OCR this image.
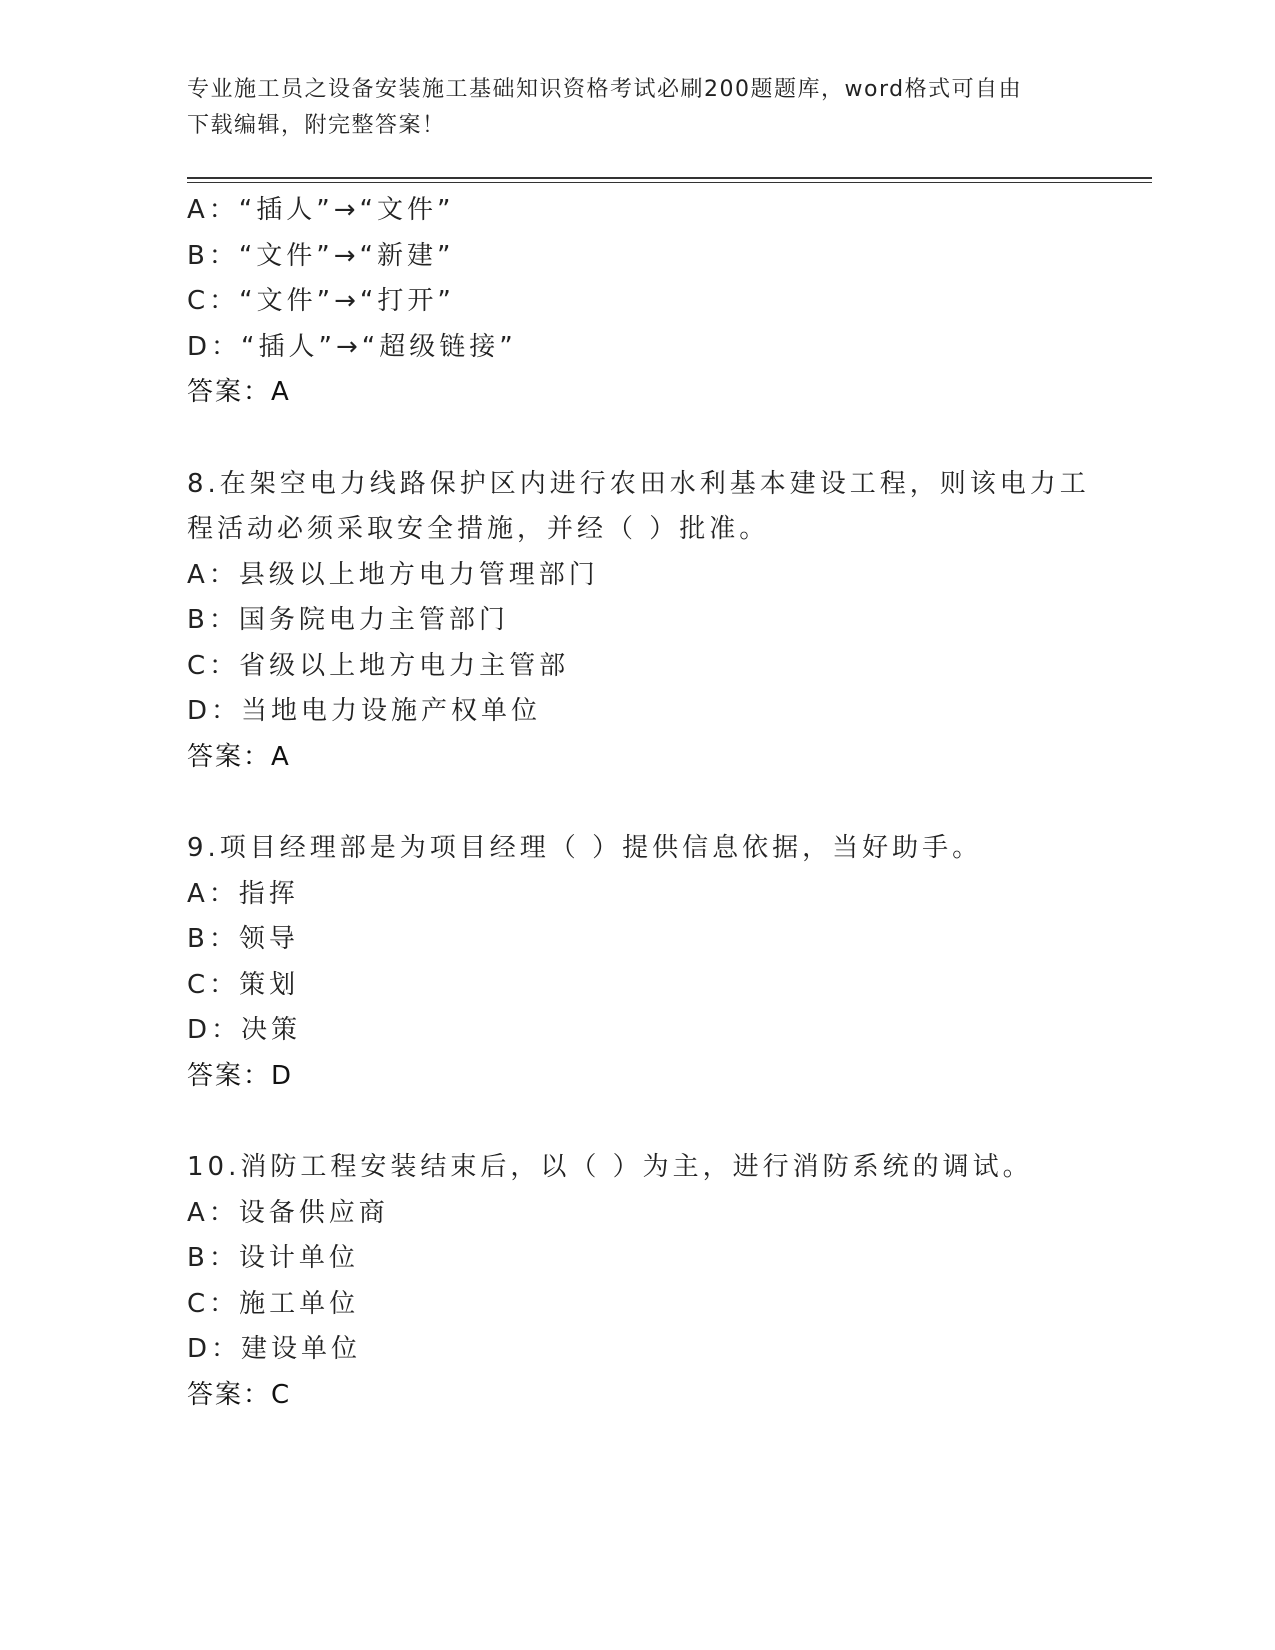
专业施工员之设备安装施工基础知识资格考试必刷200题题库，word格式可自由
下载编辑，附完整答案！
A：“插人”→“文件”
B：“文件”→“新建”
C：“文件”→“打开”
D：“插人”→“超级链接”
答案：A
8.在架空电力线路保护区内进行农田水利基本建设工程，则该电力工
程活动必须采取安全措施，并经（ ）批准。
A：县级以上地方电力管理部门
B：国务院电力主管部门
C：省级以上地方电力主管部
D：当地电力设施产权单位
答案：A
9.项目经理部是为项目经理（ ）提供信息依据，当好助手。
A：指挥
B：领导
C：策划
D：决策
答案：D
10.消防工程安装结束后，以（ ）为主，进行消防系统的调试。
A：设备供应商
B：设计单位
C：施工单位
D：建设单位
答案：C
